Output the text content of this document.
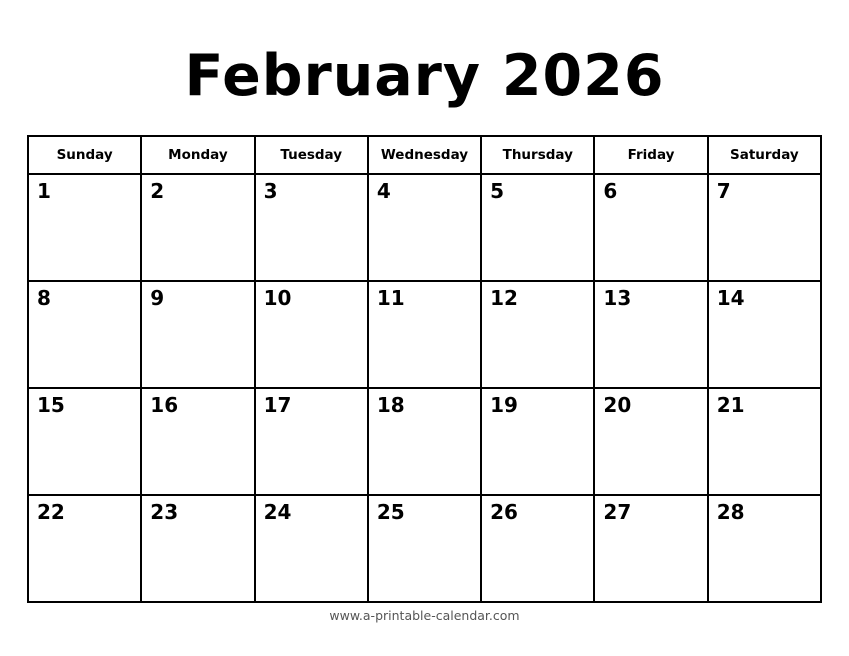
February 2026
Sunday	Monday	Tuesday	Wednesday	Thursday	Friday	Saturday

1	2	3	4	5	6	7

8	9	10	11	12	13	14

15	16	17	18	19	20	21

22	23	24	25	26	27	28
www.a-printable-calendar.com
